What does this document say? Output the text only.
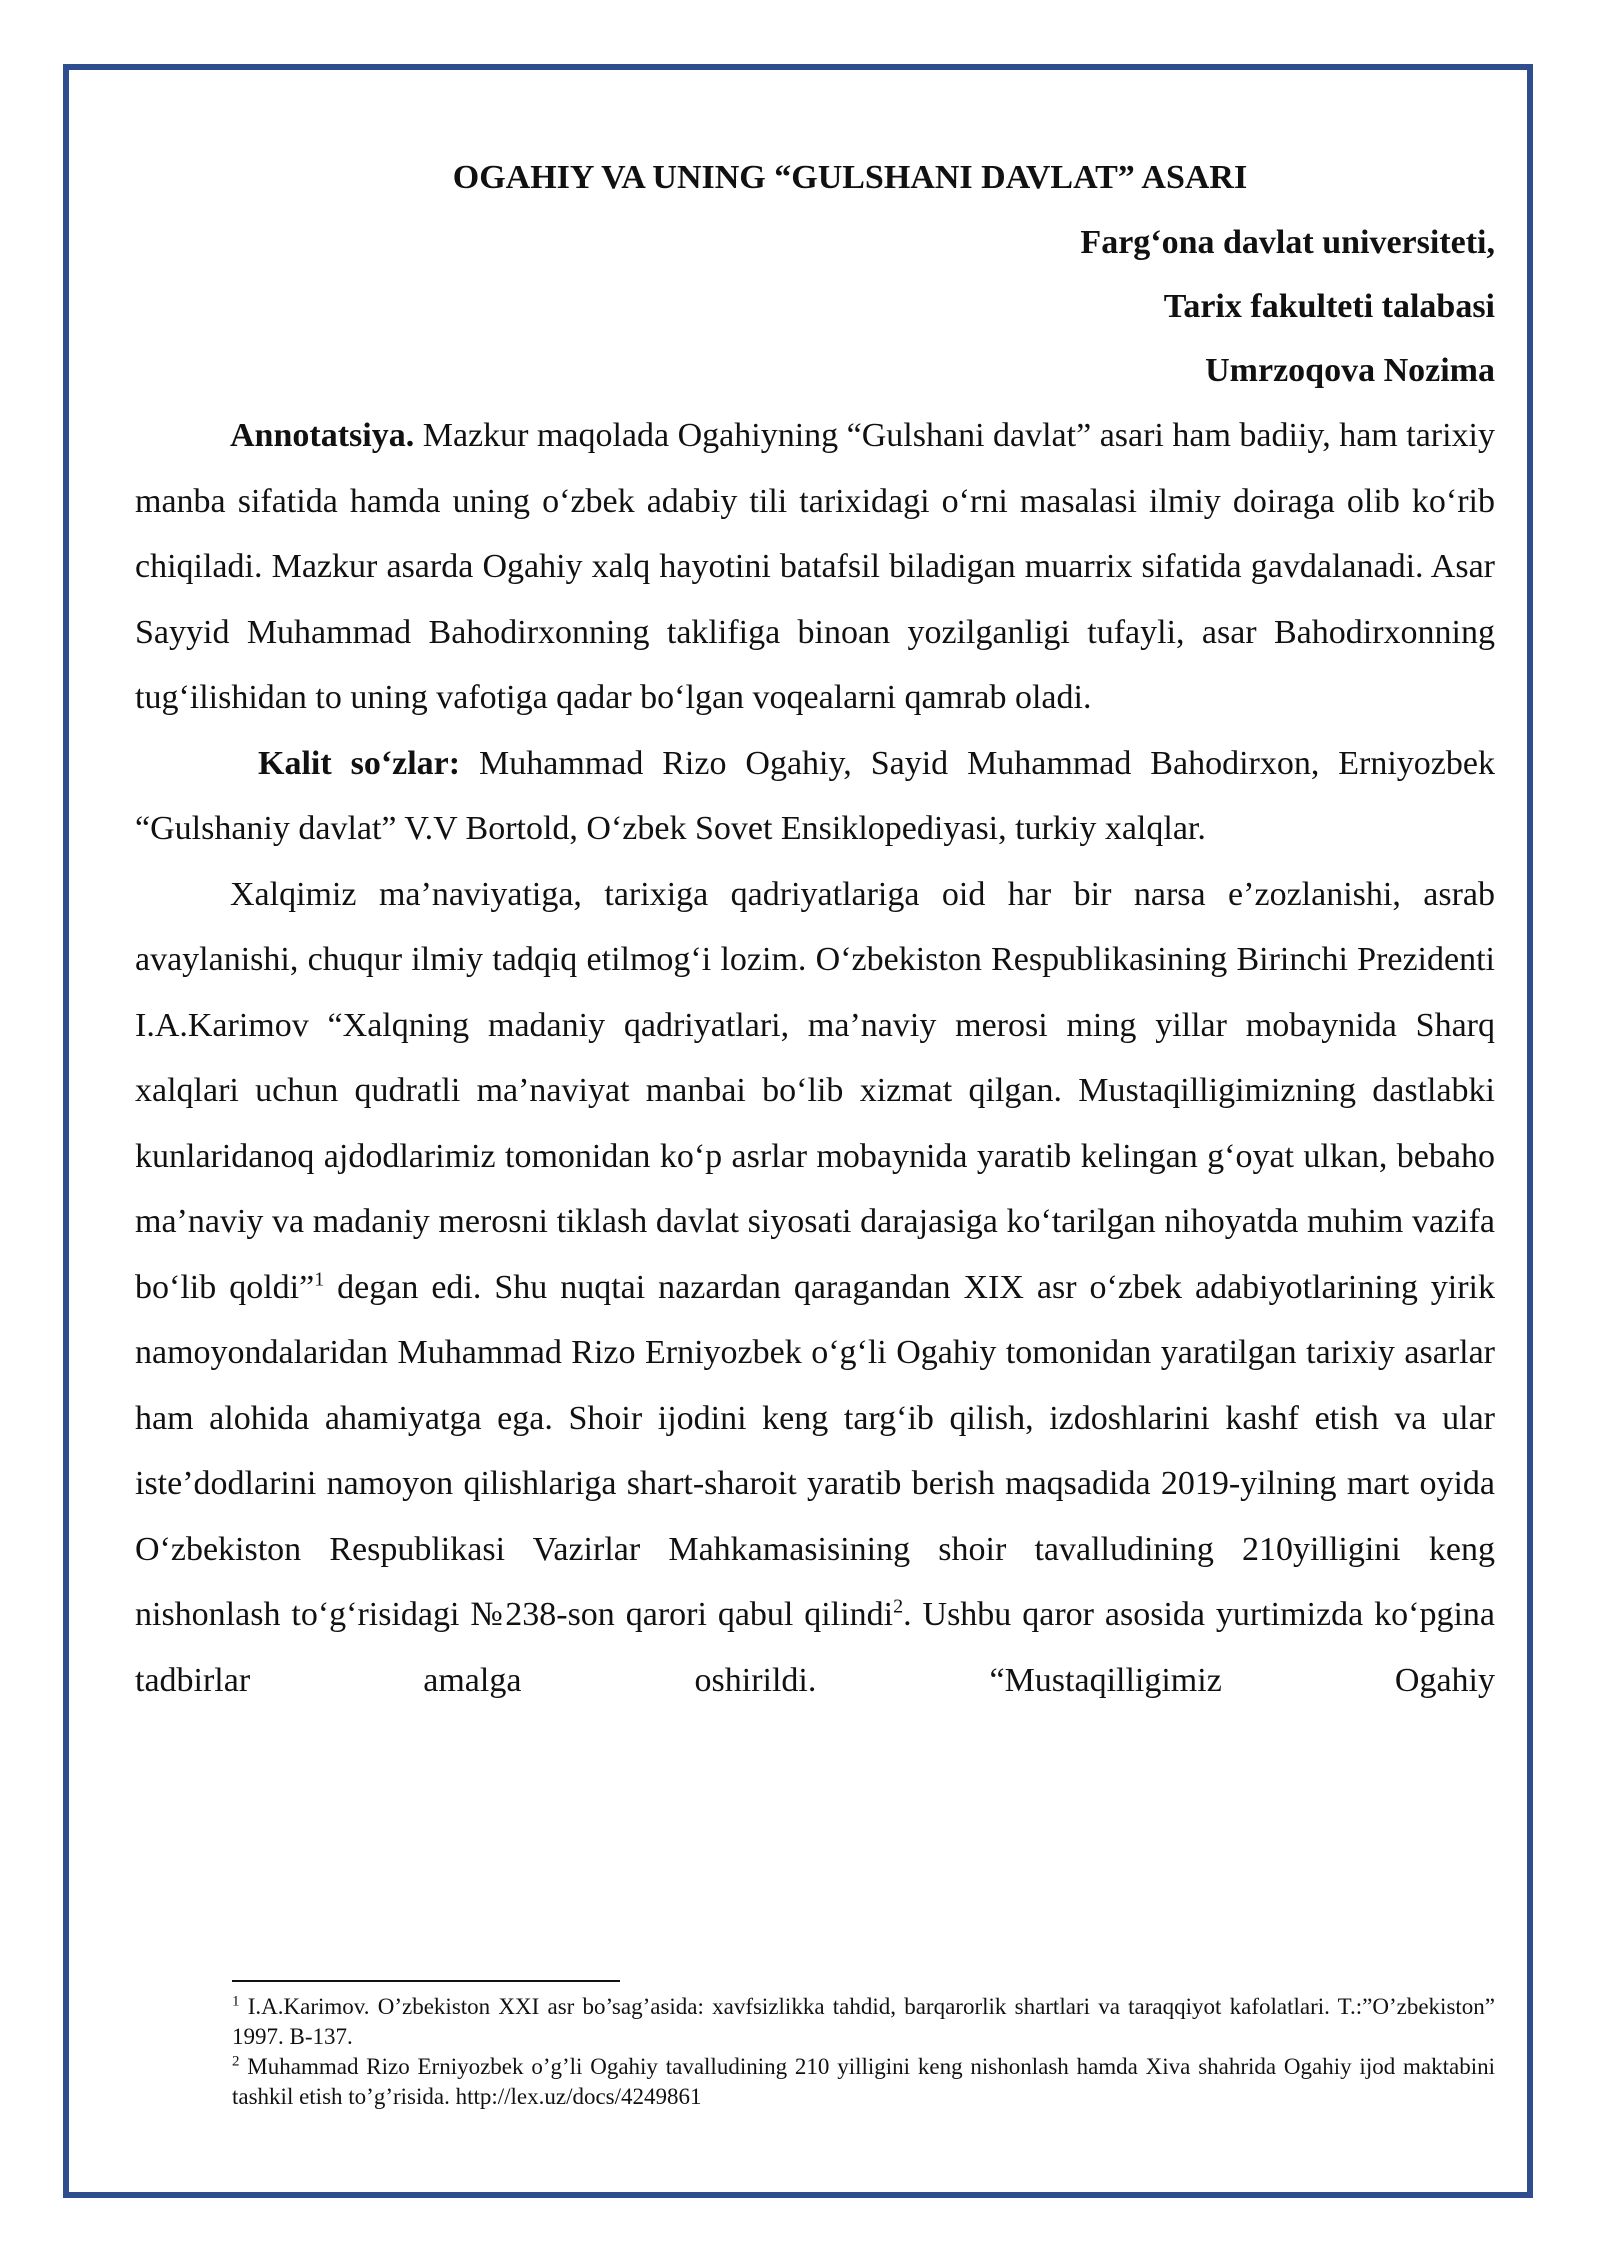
OGAHIY VA UNING “GULSHANI DAVLAT” ASARI

Farg‘ona davlat universiteti,

Tarix fakulteti talabasi

Umrzoqova Nozima

Annotatsiya. Mazkur maqolada Ogahiyning “Gulshani davlat” asari ham badiiy, ham tarixiy manba sifatida hamda uning o‘zbek adabiy tili tarixidagi o‘rni masalasi ilmiy doiraga olib ko‘rib chiqiladi. Mazkur asarda Ogahiy xalq hayotini batafsil biladigan muarrix sifatida gavdalanadi. Asar Sayyid Muhammad Bahodirxonning taklifiga binoan yozilganligi tufayli, asar Bahodirxonning tug‘ilishidan to uning vafotiga qadar bo‘lgan voqealarni qamrab oladi.

Kalit so‘zlar: Muhammad Rizo Ogahiy, Sayid Muhammad Bahodirxon, Erniyozbek “Gulshaniy davlat” V.V Bortold, O‘zbek Sovet Ensiklopediyasi, turkiy xalqlar.

Xalqimiz ma’naviyatiga, tarixiga qadriyatlariga oid har bir narsa e’zozlanishi, asrab avaylanishi, chuqur ilmiy tadqiq etilmog‘i lozim. O‘zbekiston Respublikasining Birinchi Prezidenti I.A.Karimov “Xalqning madaniy qadriyatlari, ma’naviy merosi ming yillar mobaynida Sharq xalqlari uchun qudratli ma’naviyat manbai bo‘lib xizmat qilgan. Mustaqilligimizning dastlabki kunlaridanoq ajdodlarimiz tomonidan ko‘p asrlar mobaynida yaratib kelingan g‘oyat ulkan, bebaho ma’naviy va madaniy merosni tiklash davlat siyosati darajasiga ko‘tarilgan nihoyatda muhim vazifa bo‘lib qoldi”$^1$ degan edi. Shu nuqtai nazardan qaragandan XIX asr o‘zbek adabiyotlarining yirik namoyondalaridan Muhammad Rizo Erniyozbek o‘g‘li Ogahiy tomonidan yaratilgan tarixiy asarlar ham alohida ahamiyatga ega. Shoir ijodini keng targ‘ib qilish, izdoshlarini kashf etish va ular iste’dodlarini namoyon qilishlariga shart-sharoit yaratib berish maqsadida 2019-yilning mart oyida O‘zbekiston Respublikasi Vazirlar Mahkamasisining shoir tavalludining 210yilligini keng nishonlash to‘g‘risidagi №238-son qarori qabul qilindi$^2$. Ushbu qaror asosida yurtimizda ko‘pgina tadbirlar amalga oshirildi. “Mustaqilligimiz Ogahiy

$^1$ I.A.Karimov. O’zbekiston XXI asr bo’sag’asida: xavfsizlikka tahdid, barqarorlik shartlari va taraqqiyot kafolatlari. T.:”O’zbekiston” 1997. B-137.

$^2$ Muhammad Rizo Erniyozbek o’g’li Ogahiy tavalludining 210 yilligini keng nishonlash hamda Xiva shahrida Ogahiy ijod maktabini tashkil etish to’g’risida. http://lex.uz/docs/4249861
